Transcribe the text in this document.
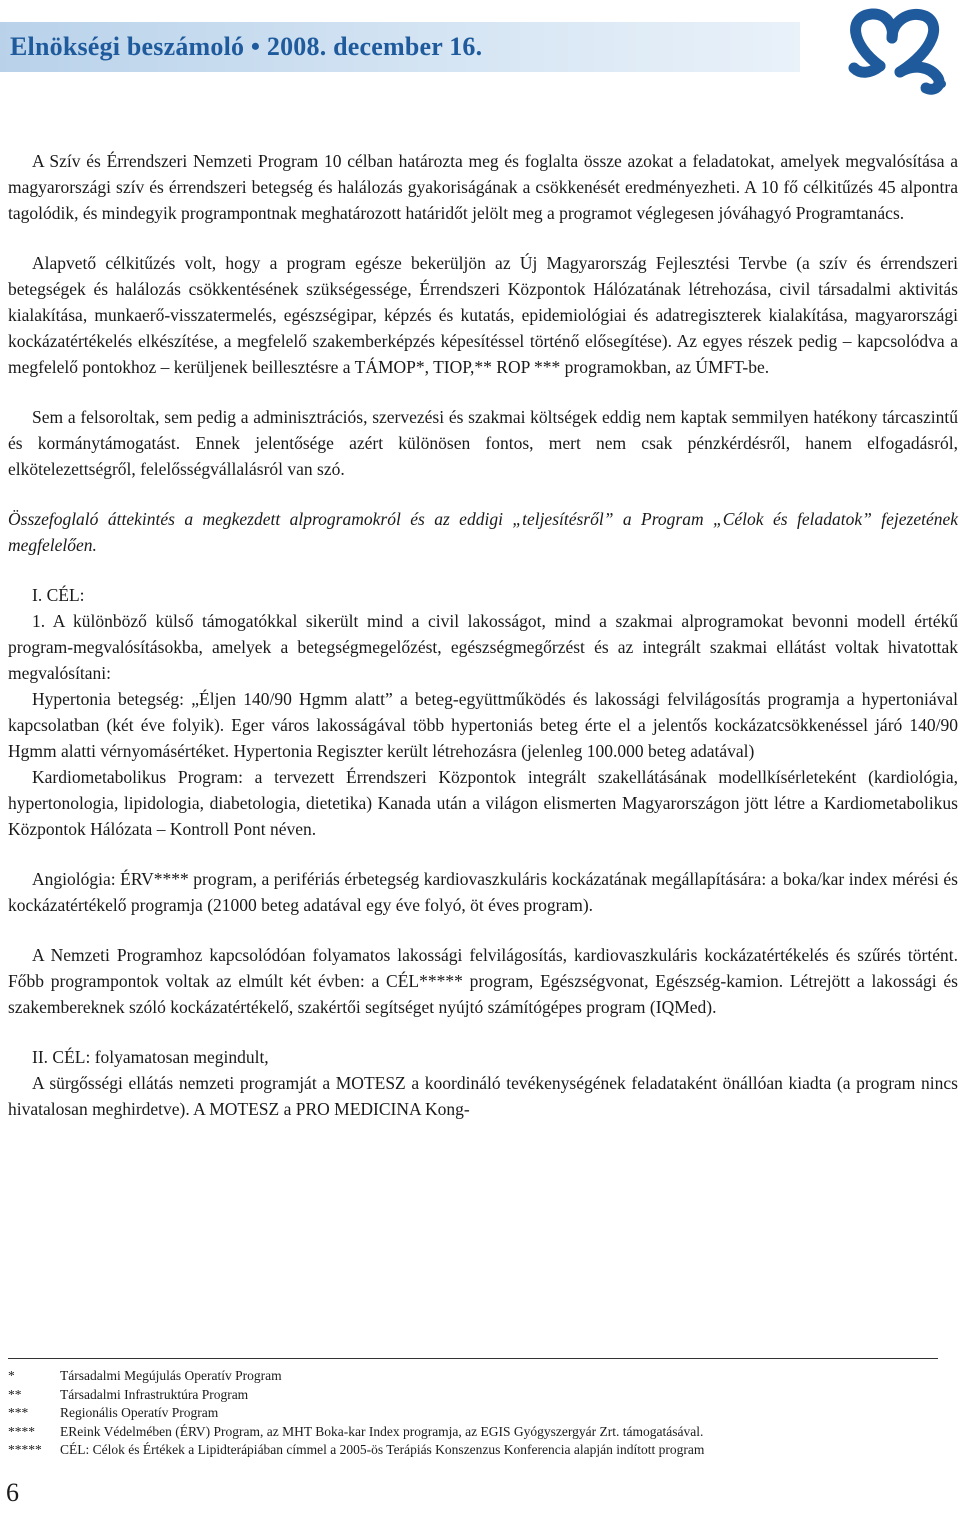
Elnökségi beszámoló • 2008. december 16.

A Szív és Érrendszeri Nemzeti Program 10 célban határozta meg és foglalta össze azokat a feladatokat, amelyek megvalósítása a magyarországi szív és érrendszeri betegség és halálozás gyakoriságának a csökkenését eredményezheti. A 10 fő célkitűzés 45 alpontra tagolódik, és mindegyik programpontnak meghatározott határidőt jelölt meg a programot véglegesen jóváhagyó Programtanács.

Alapvető célkitűzés volt, hogy a program egésze bekerüljön az Új Magyarország Fejlesztési Tervbe (a szív és érrendszeri betegségek és halálozás csökkentésének szükségessége, Érrendszeri Központok Hálózatának létrehozása, civil társadalmi aktivitás kialakítása, munkaerő-visszatermelés, egészségipar, képzés és kutatás, epidemiológiai és adatregiszterek kialakítása, magyarországi kockázatértékelés elkészítése, a megfelelő szakemberképzés képesítéssel történő elősegítése). Az egyes részek pedig – kapcsolódva a megfelelő pontokhoz – kerüljenek beillesztésre a TÁMOP*, TIOP,** ROP *** programokban, az ÚMFT-be.

Sem a felsoroltak, sem pedig a adminisztrációs, szervezési és szakmai költségek eddig nem kaptak semmilyen hatékony tárcaszintű és kormánytámogatást. Ennek jelentősége azért különösen fontos, mert nem csak pénzkérdésről, hanem elfogadásról, elkötelezettségről, felelősségvállalásról van szó.

Összefoglaló áttekintés a megkezdett alprogramokról és az eddigi „teljesítésről” a Program „Célok és feladatok” fejezetének megfelelően.

I. CÉL:

1. A különböző külső támogatókkal sikerült mind a civil lakosságot, mind a szakmai alprogramokat bevonni modell értékű program-megvalósításokba, amelyek a betegségmegelőzést, egészségmegőrzést és az integrált szakmai ellátást voltak hivatottak megvalósítani:

Hypertonia betegség: „Éljen 140/90 Hgmm alatt” a beteg-együttműködés és lakossági felvilágosítás programja a hypertoniával kapcsolatban (két éve folyik). Eger város lakosságával több hypertoniás beteg érte el a jelentős kockázatcsökkenéssel járó 140/90 Hgmm alatti vérnyomásértéket. Hypertonia Regiszter került létrehozásra (jelenleg 100.000 beteg adatával)

Kardiometabolikus Program: a tervezett Érrendszeri Központok integrált szakellátásának modellkísérleteként (kardiológia, hypertonologia, lipidologia, diabetologia, dietetika) Kanada után a világon elismerten Magyarországon jött létre a Kardiometabolikus Központok Hálózata – Kontroll Pont néven.

Angiológia: ÉRV**** program, a perifériás érbetegség kardiovaszkuláris kockázatának megállapítására: a boka/kar index mérési és kockázatértékelő programja (21000 beteg adatával egy éve folyó, öt éves program).

A Nemzeti Programhoz kapcsolódóan folyamatos lakossági felvilágosítás, kardiovaszkuláris kockázatértékelés és szűrés történt. Főbb programpontok voltak az elmúlt két évben: a CÉL***** program, Egészségvonat, Egészség-kamion. Létrejött a lakossági és szakembereknek szóló kockázatértékelő, szakértői segítséget nyújtó számítógépes program (IQMed).

II. CÉL: folyamatosan megindult,

A sürgősségi ellátás nemzeti programját a MOTESZ a koordináló tevékenységének feladataként önállóan kiadta (a program nincs hivatalosan meghirdetve). A MOTESZ a PRO MEDICINA Kong-

*	Társadalmi Megújulás Operatív Program
**	Társadalmi Infrastruktúra Program
***	Regionális Operatív Program
****	EReink Védelmében (ÉRV) Program, az MHT Boka-kar Index programja, az EGIS Gyógyszergyár Zrt. támogatásával.
*****	CÉL: Célok és Értékek a Lipidterápiában címmel a 2005-ös Terápiás Konszenzus Konferencia alapján indított program
6
